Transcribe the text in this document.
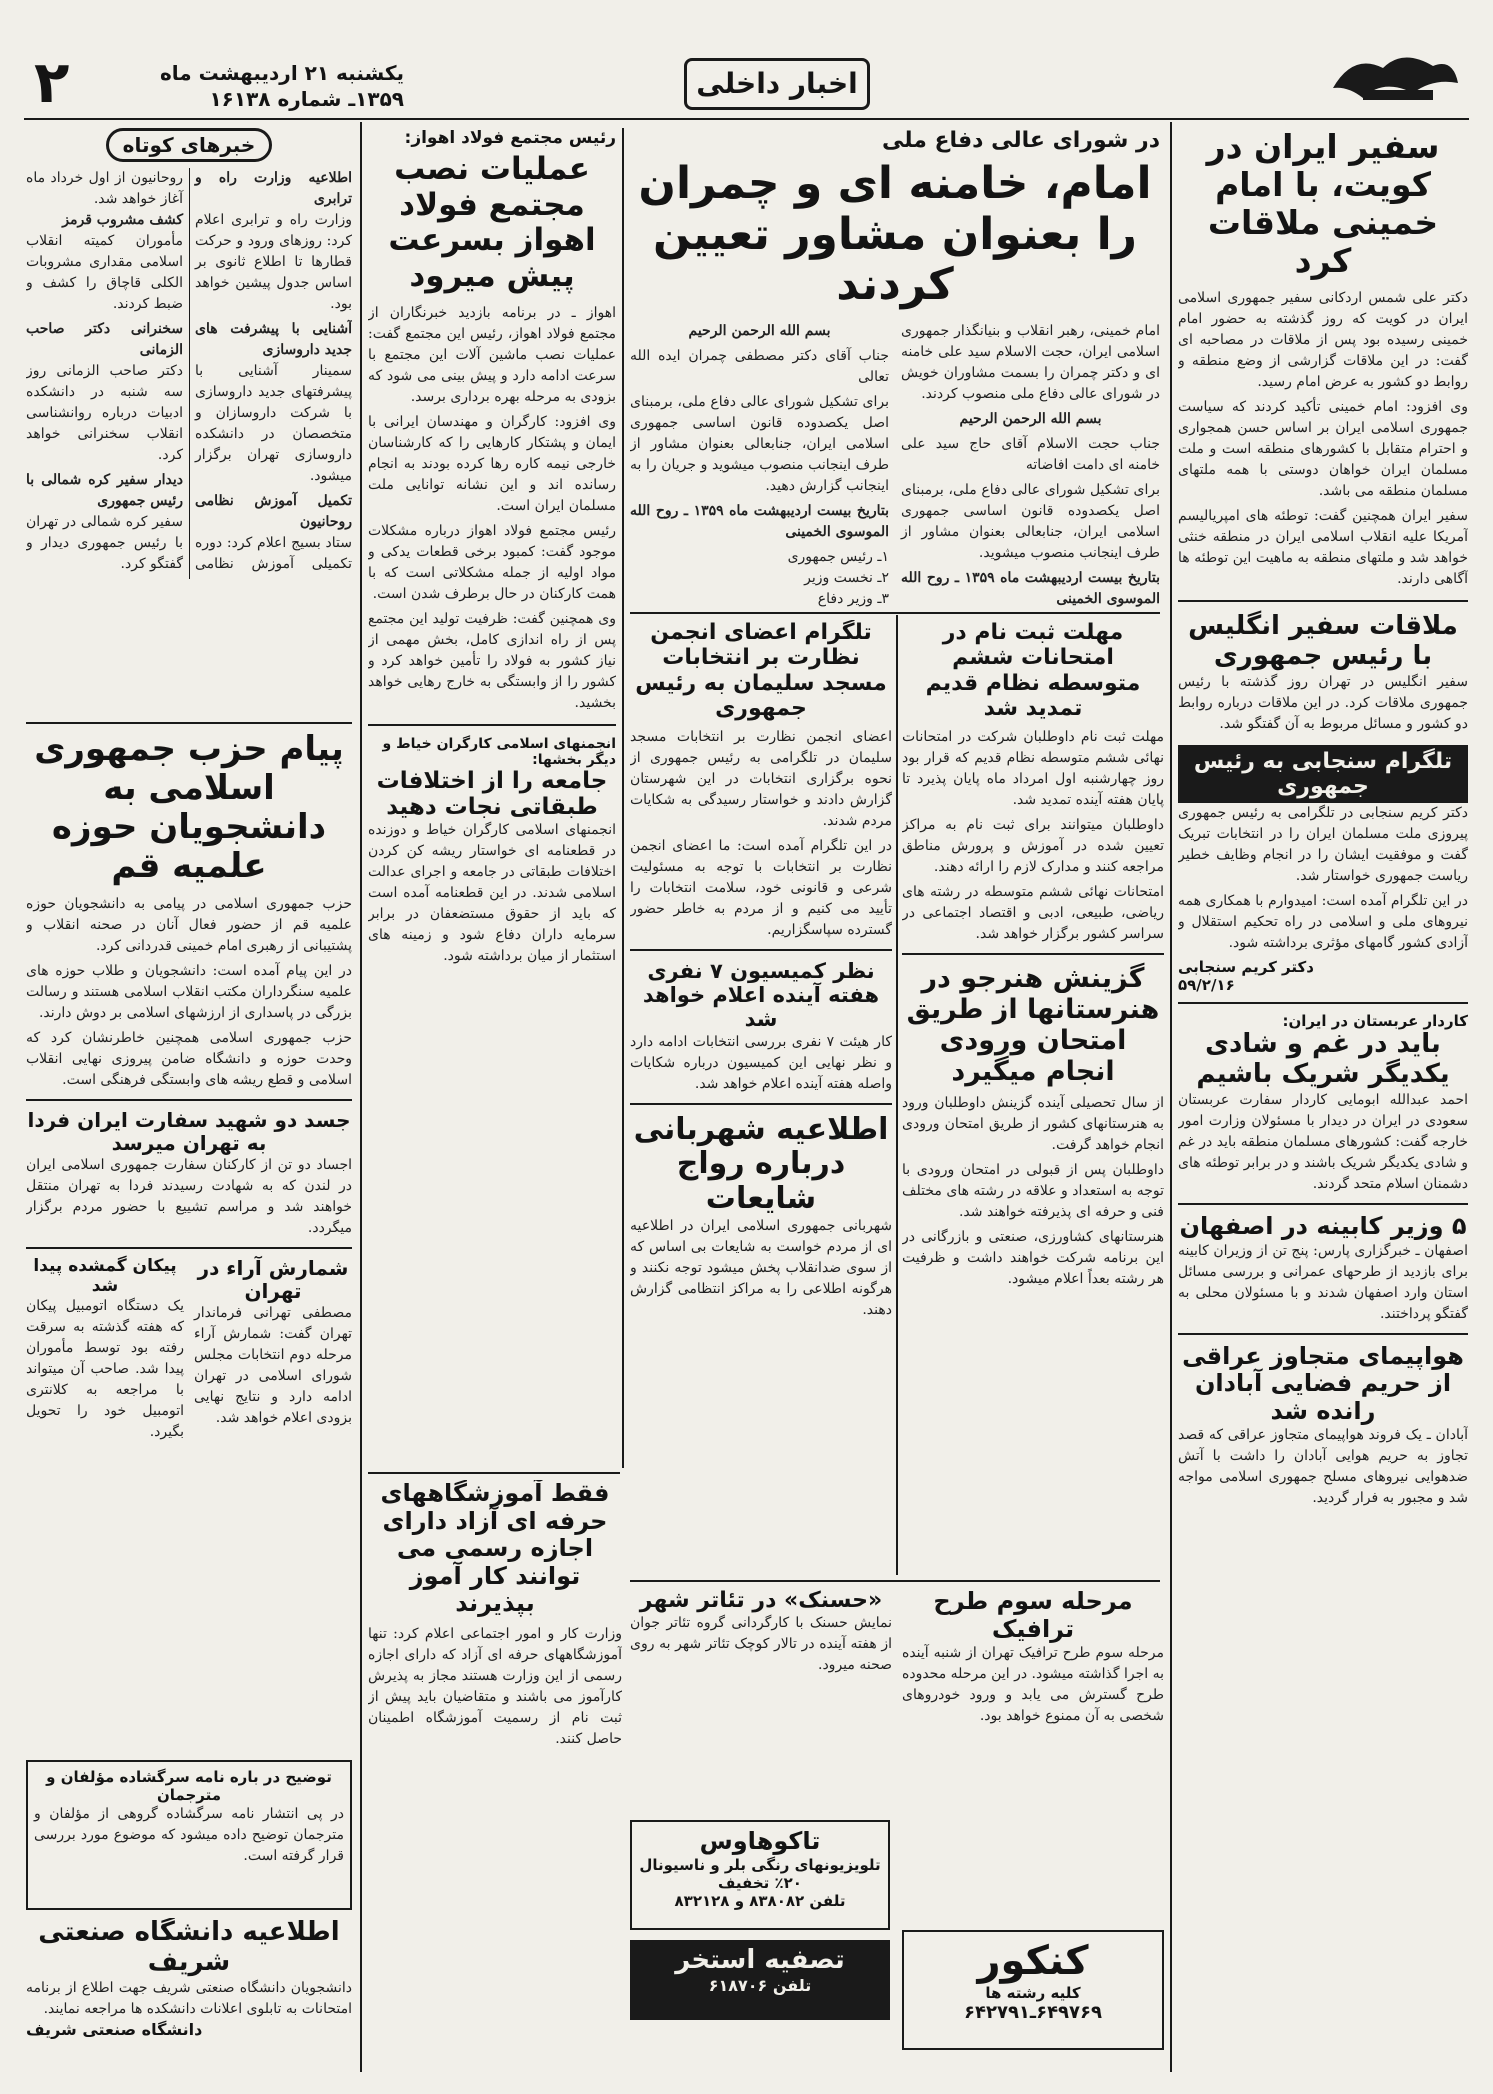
۲	یکشنبه ۲۱ اردیبهشت ماه
۱۳۵۹ـ شماره ۱۶۱۳۸	اخبار داخلی
سفیر ایران در کویت، با امام خمینی ملاقات کرد

دکتر علی شمس اردکانی سفیر جمهوری اسلامی ایران در کویت که روز گذشته به حضور امام خمینی رسیده بود پس از ملاقات در مصاحبه ای گفت: در این ملاقات گزارشی از وضع منطقه و روابط دو کشور به عرض امام رسید.

وی افزود: امام خمینی تأکید کردند که سیاست جمهوری اسلامی ایران بر اساس حسن همجواری و احترام متقابل با کشورهای منطقه است و ملت مسلمان ایران خواهان دوستی با همه ملتهای مسلمان منطقه می باشد.

سفیر ایران همچنین گفت: توطئه های امپریالیسم آمریکا علیه انقلاب اسلامی ایران در منطقه خنثی خواهد شد و ملتهای منطقه به ماهیت این توطئه ها آگاهی دارند.

ملاقات سفیر انگلیس با رئیس جمهوری
سفیر انگلیس در تهران روز گذشته با رئیس جمهوری ملاقات کرد. در این ملاقات درباره روابط دو کشور و مسائل مربوط به آن گفتگو شد.
تلگرام سنجابی به رئیس جمهوری

دکتر کریم سنجابی در تلگرامی به رئیس جمهوری پیروزی ملت مسلمان ایران را در انتخابات تبریک گفت و موفقیت ایشان را در انجام وظایف خطیر ریاست جمهوری خواستار شد.

در این تلگرام آمده است: امیدوارم با همکاری همه نیروهای ملی و اسلامی در راه تحکیم استقلال و آزادی کشور گامهای مؤثری برداشته شود.

دکتر کریم سنجابی
۵۹/۲/۱۶
کاردار عربستان در ایران:
باید در غم و شادی یکدیگر شریک باشیم
احمد عبدالله ابومایی کاردار سفارت عربستان سعودی در ایران در دیدار با مسئولان وزارت امور خارجه گفت: کشورهای مسلمان منطقه باید در غم و شادی یکدیگر شریک باشند و در برابر توطئه های دشمنان اسلام متحد گردند.
۵ وزیر کابینه در اصفهان
اصفهان ـ خبرگزاری پارس: پنج تن از وزیران کابینه برای بازدید از طرحهای عمرانی و بررسی مسائل استان وارد اصفهان شدند و با مسئولان محلی به گفتگو پرداختند.
هواپیمای متجاوز عراقی از حریم فضایی آبادان رانده شد
آبادان ـ یک فروند هواپیمای متجاوز عراقی که قصد تجاوز به حریم هوایی آبادان را داشت با آتش ضدهوایی نیروهای مسلح جمهوری اسلامی مواجه شد و مجبور به فرار گردید.
در شورای عالی دفاع ملی
امام، خامنه ای و چمران را بعنوان مشاور تعیین کردند

امام خمینی، رهبر انقلاب و بنیانگذار جمهوری اسلامی ایران، حجت الاسلام سید علی خامنه ای و دکتر چمران را بسمت مشاوران خویش در شورای عالی دفاع ملی منصوب کردند.

بسم الله الرحمن الرحیم

جناب حجت الاسلام آقای حاج سید علی خامنه ای دامت افاضاته

برای تشکیل شورای عالی دفاع ملی، برمبنای اصل یکصدوده قانون اساسی جمهوری اسلامی ایران، جنابعالی بعنوان مشاور از طرف اینجانب منصوب میشوید.

بتاریخ بیست اردیبهشت ماه ۱۳۵۹ ـ روح الله الموسوی الخمینی

بسم الله الرحمن الرحیم

جناب آقای دکتر مصطفی چمران ایده الله تعالی

برای تشکیل شورای عالی دفاع ملی، برمبنای اصل یکصدوده قانون اساسی جمهوری اسلامی ایران، جنابعالی بعنوان مشاور از طرف اینجانب منصوب میشوید و جریان را به اینجانب گزارش دهید.

بتاریخ بیست اردیبهشت ماه ۱۳۵۹ ـ روح الله الموسوی الخمینی

۱ـ رئیس جمهوری
۲ـ نخست وزیر
۳ـ وزیر دفاع
رئیس مجتمع فولاد اهواز:
عملیات نصب مجتمع فولاد اهواز بسرعت پیش میرود

اهواز ـ در برنامه بازدید خبرنگاران از مجتمع فولاد اهواز، رئیس این مجتمع گفت: عملیات نصب ماشین آلات این مجتمع با سرعت ادامه دارد و پیش بینی می شود که بزودی به مرحله بهره برداری برسد.

وی افزود: کارگران و مهندسان ایرانی با ایمان و پشتکار کارهایی را که کارشناسان خارجی نیمه کاره رها کرده بودند به انجام رسانده اند و این نشانه توانایی ملت مسلمان ایران است.

رئیس مجتمع فولاد اهواز درباره مشکلات موجود گفت: کمبود برخی قطعات یدکی و مواد اولیه از جمله مشکلاتی است که با همت کارکنان در حال برطرف شدن است.

وی همچنین گفت: ظرفیت تولید این مجتمع پس از راه اندازی کامل، بخش مهمی از نیاز کشور به فولاد را تأمین خواهد کرد و کشور را از وابستگی به خارج رهایی خواهد بخشید.

انجمنهای اسلامی کارگران خیاط و دیگر بخشها:
جامعه را از اختلافات طبقاتی نجات دهید
انجمنهای اسلامی کارگران خیاط و دوزنده در قطعنامه ای خواستار ریشه کن کردن اختلافات طبقاتی در جامعه و اجرای عدالت اسلامی شدند. در این قطعنامه آمده است که باید از حقوق مستضعفان در برابر سرمایه داران دفاع شود و زمینه های استثمار از میان برداشته شود.
مهلت ثبت نام در امتحانات ششم متوسطه نظام قدیم تمدید شد

مهلت ثبت نام داوطلبان شرکت در امتحانات نهائی ششم متوسطه نظام قدیم که قرار بود روز چهارشنبه اول امرداد ماه پایان پذیرد تا پایان هفته آینده تمدید شد.

داوطلبان میتوانند برای ثبت نام به مراکز تعیین شده در آموزش و پرورش مناطق مراجعه کنند و مدارک لازم را ارائه دهند.

امتحانات نهائی ششم متوسطه در رشته های ریاضی، طبیعی، ادبی و اقتصاد اجتماعی در سراسر کشور برگزار خواهد شد.

گزینش هنرجو در هنرستانها از طریق امتحان ورودی انجام میگیرد

از سال تحصیلی آینده گزینش داوطلبان ورود به هنرستانهای کشور از طریق امتحان ورودی انجام خواهد گرفت.

داوطلبان پس از قبولی در امتحان ورودی با توجه به استعداد و علاقه در رشته های مختلف فنی و حرفه ای پذیرفته خواهند شد.

هنرستانهای کشاورزی، صنعتی و بازرگانی در این برنامه شرکت خواهند داشت و ظرفیت هر رشته بعداً اعلام میشود.

تلگرام اعضای انجمن نظارت بر انتخابات مسجد سلیمان به رئیس جمهوری

اعضای انجمن نظارت بر انتخابات مسجد سلیمان در تلگرامی به رئیس جمهوری از نحوه برگزاری انتخابات در این شهرستان گزارش دادند و خواستار رسیدگی به شکایات مردم شدند.

در این تلگرام آمده است: ما اعضای انجمن نظارت بر انتخابات با توجه به مسئولیت شرعی و قانونی خود، سلامت انتخابات را تأیید می کنیم و از مردم به خاطر حضور گسترده سپاسگزاریم.

نظر کمیسیون ۷ نفری هفته آینده اعلام خواهد شد
کار هیئت ۷ نفری بررسی انتخابات ادامه دارد و نظر نهایی این کمیسیون درباره شکایات واصله هفته آینده اعلام خواهد شد.
اطلاعیه شهربانی درباره رواج شایعات
شهربانی جمهوری اسلامی ایران در اطلاعیه ای از مردم خواست به شایعات بی اساس که از سوی ضدانقلاب پخش میشود توجه نکنند و هرگونه اطلاعی را به مراکز انتظامی گزارش دهند.
مرحله سوم طرح ترافیک
مرحله سوم طرح ترافیک تهران از شنبه آینده به اجرا گذاشته میشود. در این مرحله محدوده طرح گسترش می یابد و ورود خودروهای شخصی به آن ممنوع خواهد بود.
«حسنک» در تئاتر شهر
نمایش حسنک با کارگردانی گروه تئاتر جوان از هفته آینده در تالار کوچک تئاتر شهر به روی صحنه میرود.
فقط آموزشگاههای حرفه ای آزاد دارای اجازه رسمی می توانند کار آموز بپذیرند
وزارت کار و امور اجتماعی اعلام کرد: تنها آموزشگاههای حرفه ای آزاد که دارای اجازه رسمی از این وزارت هستند مجاز به پذیرش کارآموز می باشند و متقاضیان باید پیش از ثبت نام از رسمیت آموزشگاه اطمینان حاصل کنند.
تاکوهاوس
تلویزیونهای رنگی بلر و ناسیونال ۲۰٪ تخفیف
تلفن ۸۳۸۰۸۲ و ۸۳۲۱۲۸
تصفیه استخر
تلفن ۶۱۸۷۰۶
کنکور
کلیه رشته ها
۶۴۹۷۶۹ـ۶۴۲۷۹۱
خبرهای کوتاه
اطلاعیه وزارت راه و ترابری

وزارت راه و ترابری اعلام کرد: روزهای ورود و حرکت قطارها تا اطلاع ثانوی بر اساس جدول پیشین خواهد بود.

آشنایی با پیشرفت های جدید داروسازی

سمینار آشنایی با پیشرفتهای جدید داروسازی با شرکت داروسازان و متخصصان در دانشکده داروسازی تهران برگزار میشود.

تکمیل آموزش نظامی روحانیون

ستاد بسیج اعلام کرد: دوره تکمیلی آموزش نظامی روحانیون از اول خرداد ماه آغاز خواهد شد.

کشف مشروب قرمز

مأموران کمیته انقلاب اسلامی مقداری مشروبات الکلی قاچاق را کشف و ضبط کردند.

سخنرانی دکتر صاحب الزمانی

دکتر صاحب الزمانی روز سه شنبه در دانشکده ادبیات درباره روانشناسی انقلاب سخنرانی خواهد کرد.

دیدار سفیر کره شمالی با رئیس جمهوری

سفیر کره شمالی در تهران با رئیس جمهوری دیدار و گفتگو کرد.

پیام حزب جمهوری اسلامی به دانشجویان حوزه علمیه قم

حزب جمهوری اسلامی در پیامی به دانشجویان حوزه علمیه قم از حضور فعال آنان در صحنه انقلاب و پشتیبانی از رهبری امام خمینی قدردانی کرد.

در این پیام آمده است: دانشجویان و طلاب حوزه های علمیه سنگرداران مکتب انقلاب اسلامی هستند و رسالت بزرگی در پاسداری از ارزشهای اسلامی بر دوش دارند.

حزب جمهوری اسلامی همچنین خاطرنشان کرد که وحدت حوزه و دانشگاه ضامن پیروزی نهایی انقلاب اسلامی و قطع ریشه های وابستگی فرهنگی است.

جسد دو شهید سفارت ایران فردا به تهران میرسد
اجساد دو تن از کارکنان سفارت جمهوری اسلامی ایران در لندن که به شهادت رسیدند فردا به تهران منتقل خواهند شد و مراسم تشییع با حضور مردم برگزار میگردد.
شمارش آراء در تهران
مصطفی تهرانی فرماندار تهران گفت: شمارش آراء مرحله دوم انتخابات مجلس شورای اسلامی در تهران ادامه دارد و نتایج نهایی بزودی اعلام خواهد شد.
پیکان گمشده پیدا شد
یک دستگاه اتومبیل پیکان که هفته گذشته به سرقت رفته بود توسط مأموران پیدا شد. صاحب آن میتواند با مراجعه به کلانتری اتومبیل خود را تحویل بگیرد.
توضیح در باره نامه سرگشاده مؤلفان و مترجمان
در پی انتشار نامه سرگشاده گروهی از مؤلفان و مترجمان توضیح داده میشود که موضوع مورد بررسی قرار گرفته است.
اطلاعیه دانشگاه صنعتی شریف
دانشجویان دانشگاه صنعتی شریف جهت اطلاع از برنامه امتحانات به تابلوی اعلانات دانشکده ها مراجعه نمایند.
دانشگاه صنعتی شریف
